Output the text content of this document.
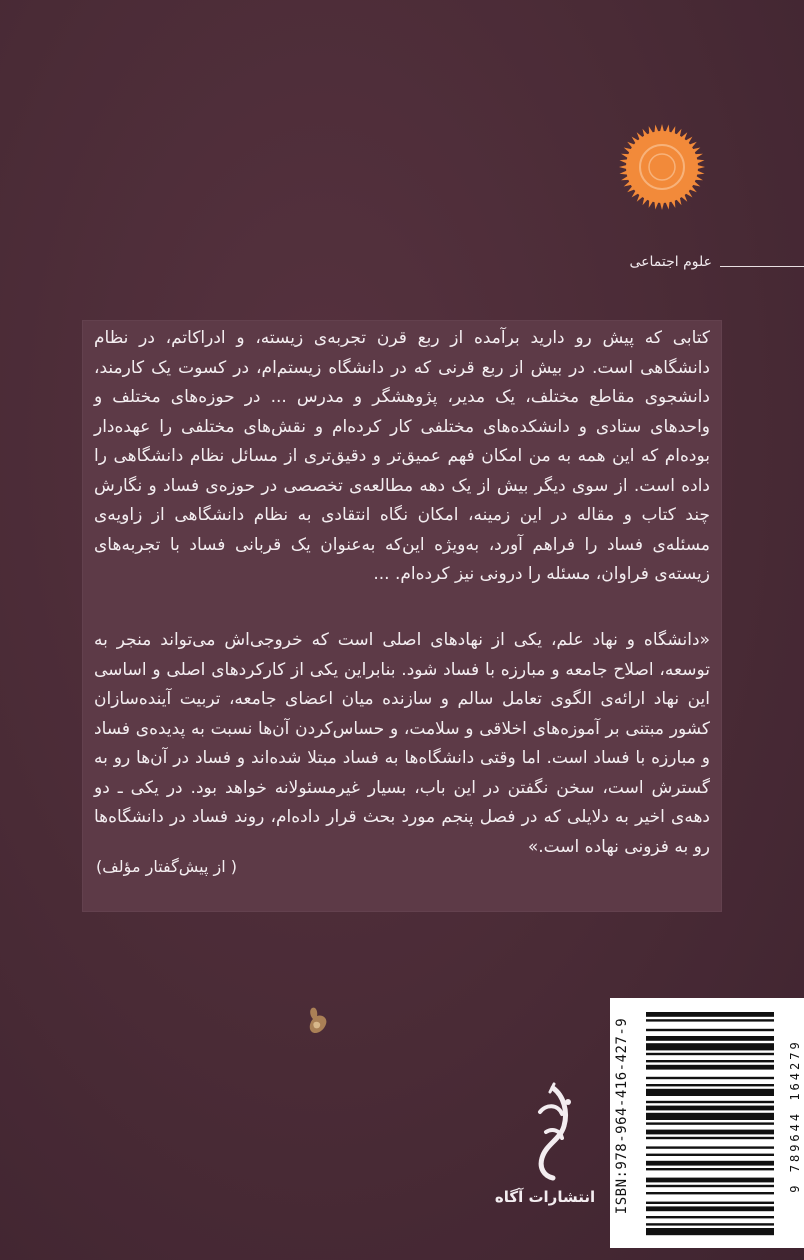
علوم اجتماعی
کتابی که پیش رو دارید برآمده از ربع قرن تجربه‌ی زیسته، و ادراکاتم، در نظام دانشگاهی است. در بیش از ربع قرنی که در دانشگاه زیستم‌ام، در کسوت یک کارمند، دانشجوی مقاطع مختلف، یک مدیر، پژوهشگر و مدرس ... در حوزه‌های مختلف و واحدهای ستادی و دانشکده‌های مختلفی کار کرده‌ام و نقش‌های مختلفی را عهده‌دار بوده‌ام که این همه به من امکان فهم عمیق‌تر و دقیق‌تری از مسائل نظام دانشگاهی را داده است. از سوی دیگر بیش از یک دهه مطالعه‌ی تخصصی در حوزه‌ی فساد و نگارش چند کتاب و مقاله در این زمینه، امکان نگاه انتقادی به نظام دانشگاهی از زاویه‌ی مسئله‌ی فساد را فراهم آورد، به‌ویژه این‌که به‌عنوان یک قربانی فساد با تجربه‌های زیسته‌ی فراوان، مسئله را درونی نیز کرده‌ام. ...
«دانشگاه و نهاد علم، یکی از نهادهای اصلی است که خروجی‌اش می‌تواند منجر به توسعه، اصلاح جامعه و مبارزه با فساد شود. بنابراین یکی از کارکردهای اصلی و اساسی این نهاد ارائه‌ی الگوی تعامل سالم و سازنده میان اعضای جامعه، تربیت آینده‌سازان کشور مبتنی بر آموزه‌های اخلاقی و سلامت، و حساس‌کردن آن‌ها نسبت به پدیده‌ی فساد و مبارزه با فساد است. اما وقتی دانشگاه‌ها به فساد مبتلا شده‌اند و فساد در آن‌ها رو به گسترش است، سخن نگفتن در این باب، بسیار غیرمسئولانه خواهد بود. در یکی ـ دو دهه‌ی اخیر به دلایلی که در فصل پنجم مورد بحث قرار داده‌ام، روند فساد در دانشگاه‌ها رو به فزونی نهاده است.»
( از پیش‌گفتار مؤلف)
انتشارات آگاه	ISBN:978-964-416-427-9	9 789644 164279
